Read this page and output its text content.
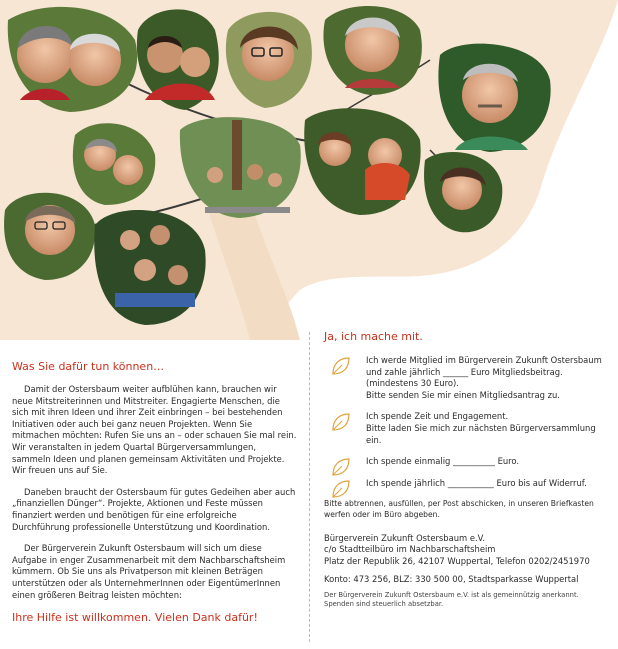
Was Sie dafür tun können…

Damit der Ostersbaum weiter aufblühen kann, brauchen wir neue Mitstreiterinnen und Mitstreiter. Engagierte Menschen, die sich mit ihren Ideen und ihrer Zeit einbringen – bei bestehenden Initiativen oder auch bei ganz neuen Projekten. Wenn Sie mitmachen möchten: Rufen Sie uns an – oder schauen Sie mal rein. Wir veranstalten in jedem Quartal Bürgerversammlungen, sammeln Ideen und planen gemeinsam Aktivitäten und Projekte. Wir freuen uns auf Sie.

Daneben braucht der Ostersbaum für gutes Gedeihen aber auch „finanziellen Dünger“. Projekte, Aktionen und Feste müssen finanziert werden und benötigen für eine erfolgreiche Durchführung professionelle Unterstützung und Koordination.

Der Bürgerverein Zukunft Ostersbaum will sich um diese Aufgabe in enger Zusammenarbeit mit dem Nachbarschaftsheim kümmern. Ob Sie uns als Privatperson mit kleinen Beträgen unterstützen oder als UnternehmerInnen oder EigentümerInnen einen größeren Beitrag leisten möchten:

Ihre Hilfe ist willkommen. Vielen Dank dafür!
Ja, ich mache mit.
Ich werde Mitglied im Bürgerverein Zukunft Ostersbaum
und zahle jährlich ______ Euro Mitgliedsbeitrag.
(mindestens 30 Euro).
Bitte senden Sie mir einen Mitgliedsantrag zu.
Ich spende Zeit und Engagement.
Bitte laden Sie mich zur nächsten Bürgerversammlung ein.
Ich spende einmalig __________ Euro.
Ich spende jährlich ___________ Euro bis auf Widerruf.
Bitte abtrennen, ausfüllen, per Post abschicken, in unseren Briefkasten werfen oder im Büro abgeben.
Bürgerverein Zukunft Ostersbaum e.V.
c/o Stadtteilbüro im Nachbarschaftsheim
Platz der Republik 26, 42107 Wuppertal, Telefon 0202/2451970
Konto: 473 256, BLZ: 330 500 00, Stadtsparkasse Wuppertal
Der Bürgerverein Zukunft Ostersbaum e.V. ist als gemeinnützig anerkannt. Spenden sind steuerlich absetzbar.
